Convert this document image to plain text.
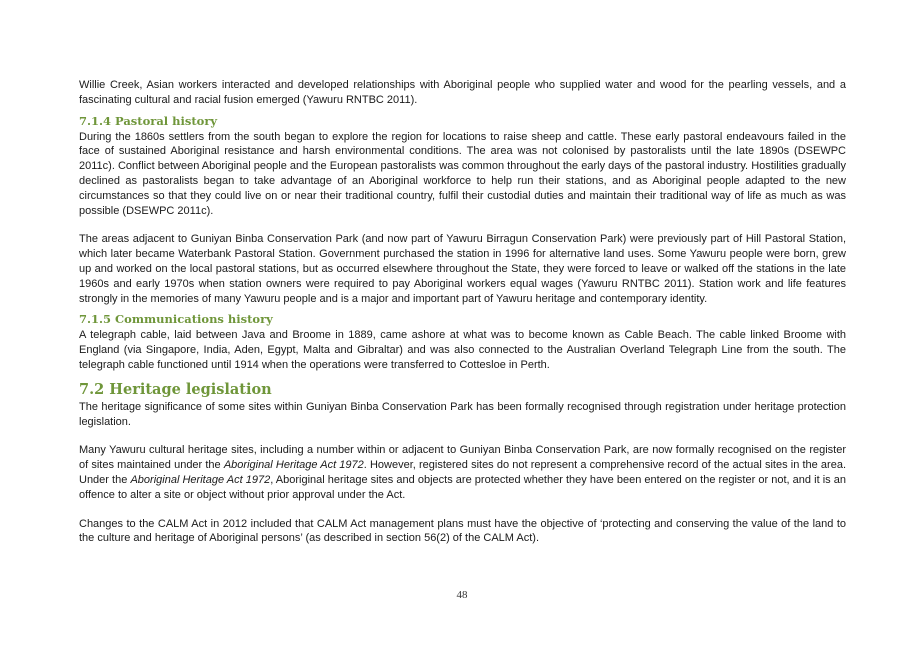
Willie Creek, Asian workers interacted and developed relationships with Aboriginal people who supplied water and wood for the pearling vessels, and a fascinating cultural and racial fusion emerged (Yawuru RNTBC 2011).

7.1.4 Pastoral history

During the 1860s settlers from the south began to explore the region for locations to raise sheep and cattle. These early pastoral endeavours failed in the face of sustained Aboriginal resistance and harsh environmental conditions. The area was not colonised by pastoralists until the late 1890s (DSEWPC 2011c). Conflict between Aboriginal people and the European pastoralists was common throughout the early days of the pastoral industry. Hostilities gradually declined as pastoralists began to take advantage of an Aboriginal workforce to help run their stations, and as Aboriginal people adapted to the new circumstances so that they could live on or near their traditional country, fulfil their custodial duties and maintain their traditional way of life as much as was possible (DSEWPC 2011c).

The areas adjacent to Guniyan Binba Conservation Park (and now part of Yawuru Birragun Conservation Park) were previously part of Hill Pastoral Station, which later became Waterbank Pastoral Station. Government purchased the station in 1996 for alternative land uses. Some Yawuru people were born, grew up and worked on the local pastoral stations, but as occurred elsewhere throughout the State, they were forced to leave or walked off the stations in the late 1960s and early 1970s when station owners were required to pay Aboriginal workers equal wages (Yawuru RNTBC 2011). Station work and life features strongly in the memories of many Yawuru people and is a major and important part of Yawuru heritage and contemporary identity.

7.1.5 Communications history

A telegraph cable, laid between Java and Broome in 1889, came ashore at what was to become known as Cable Beach. The cable linked Broome with England (via Singapore, India, Aden, Egypt, Malta and Gibraltar) and was also connected to the Australian Overland Telegraph Line from the south. The telegraph cable functioned until 1914 when the operations were transferred to Cottesloe in Perth.

7.2 Heritage legislation

The heritage significance of some sites within Guniyan Binba Conservation Park has been formally recognised through registration under heritage protection legislation.

Many Yawuru cultural heritage sites, including a number within or adjacent to Guniyan Binba Conservation Park, are now formally recognised on the register of sites maintained under the Aboriginal Heritage Act 1972. However, registered sites do not represent a comprehensive record of the actual sites in the area. Under the Aboriginal Heritage Act 1972, Aboriginal heritage sites and objects are protected whether they have been entered on the register or not, and it is an offence to alter a site or object without prior approval under the Act.

Changes to the CALM Act in 2012 included that CALM Act management plans must have the objective of ‘protecting and conserving the value of the land to the culture and heritage of Aboriginal persons’ (as described in section 56(2) of the CALM Act).

48
